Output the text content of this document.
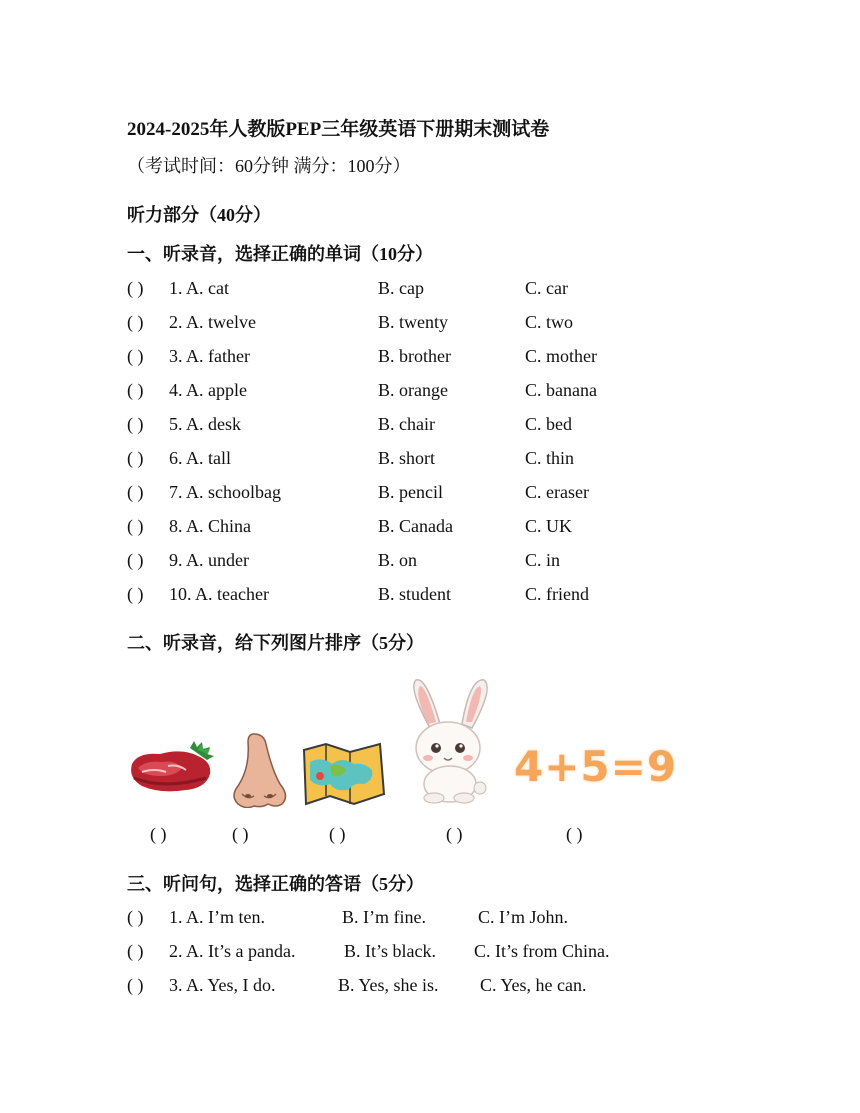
2024-2025年人教版PEP三年级英语下册期末测试卷
（考试时间：60分钟 满分：100分）
听力部分（40分）
一、听录音，选择正确的单词（10分）
( ) 1. A. cat	B. cap	C. car
( ) 2. A. twelve	B. twenty	C. two
( ) 3. A. father	B. brother	C. mother
( ) 4. A. apple	B. orange	C. banana
( ) 5. A. desk	B. chair	C. bed
( ) 6. A. tall	B. short	C. thin
( ) 7. A. schoolbag	B. pencil	C. eraser
( ) 8. A. China	B. Canada	C. UK
( ) 9. A. under	B. on	C. in
( ) 10. A. teacher	B. student	C. friend
二、听录音，给下列图片排序（5分）
4+5=9
( )	( )	( )	( )	( )
三、听问句，选择正确的答语（5分）
( ) 1. A. I’m ten.	B. I’m fine.	C. I’m John.
( ) 2. A. It’s a panda.	B. It’s black. C. It’s from China.
( ) 3. A. Yes, I do.	B. Yes, she is. C. Yes, he can.
